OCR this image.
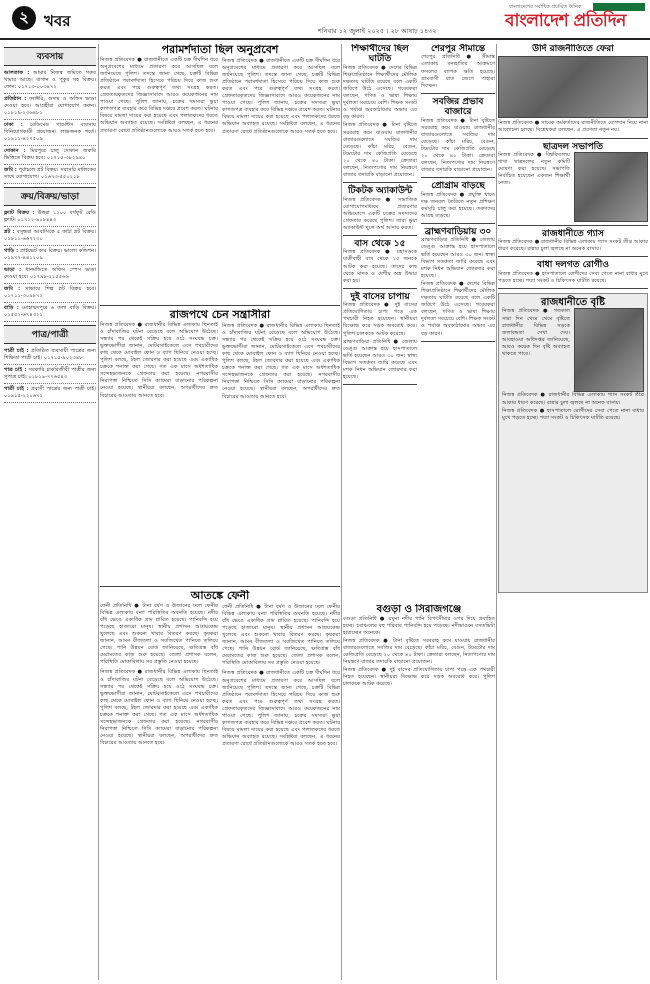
২	খবর
শনিবার ১২ জুলাই ২০২৫ । ২৮ আষাঢ় ১৪৩২
বাংলাদেশের সর্বাধিক প্রচারিত দৈনিক
বাংলাদেশ প্রতিদিন
ব্যবসায়
আলতাফ : আমার নিজস্ব জমিতে গরুর খামার আছে। বাগান ও পুকুর সহ বিক্রয়। ফোন: ০১৭১৩-০০৩৪৭২
প্রতিষ্ঠান : ফ্যাক্টরি, গুদাম ও অফিস ভাড়া দেওয়া হবে। আগ্রহীরা যোগাযোগ করুন। ০১৮১৯-২৩৬৪৮১
ঢাকা : রেডিমেড গার্মেন্টস ব্যবসায় বিনিয়োগকারী প্রয়োজন। লাভজনক শর্তে। ০১৯১১-৪২৭৫০৯
দোকান : মিরপুরে চালু দোকান জরুরি ভিত্তিতে বিক্রয় হবে। ০১৭১৫-৩৮২৯৪০
জমি : পূর্বাচলে প্লট বিক্রয়। সরাসরি মালিকের সাথে যোগাযোগ। ০১৬৭৩-৫৫০২১৮
ক্রয়/বিক্রয়/ভাড়া
ফ্ল্যাট বিক্রয় : উত্তরা ১২০০ বর্গফুট রেডি ফ্ল্যাট। ০১৭১২-৯০৮৪৪৩
প্লট : বসুন্ধরা আবাসিকে ৫ কাঠা প্লট বিক্রয়। ০১৮১১-৬৬৭২৩০
গাড়ি : প্রাইভেট কার বিক্রয়। ভালো কন্ডিশন। ০১৯৭৭-৪৪১২০৯
ভাড়া : ধানমন্ডিতে অফিস স্পেস ভাড়া দেওয়া হবে। ০১৭৯৮-২১৫৫৬৬
জমি : সাভারে শিল্প প্লট বিক্রয় হবে। ০১৭১১-৩০৯৮৭২
বাড়ি : মোহাম্মদপুরে ৬ তলা বাড়ি বিক্রয়। ০১৫৫২-৬৭৪৩২১
পাত্র/পাত্রী
পাত্রী চাই : প্রতিষ্ঠিত ব্যবসায়ী পাত্রের জন্য শিক্ষিতা পাত্রী চাই। ০১৭১৫-৯০২৩৪৮
পাত্র চাই : সরকারি চাকরিজীবী পাত্রীর জন্য সুপাত্র চাই। ০১৮১৯-৭৭৬৫৪৩
পাত্রী চাই : প্রবাসী পাত্রের জন্য পাত্রী চাই। ০১৯১৫-২২০৬৭১
পরামর্শদাতা ছিল অনুপ্রবেশ
নিজস্ব প্রতিবেদক ● রাজধানীতে একটি চক্র দীর্ঘদিন ধরে অনুপ্রবেশের মাধ্যমে প্রতারণা করে আসছিল বলে জানিয়েছে পুলিশ। তদন্তে জানা গেছে, চক্রটি বিভিন্ন প্রতিষ্ঠানে পরামর্শদাতা হিসেবে পরিচয় দিয়ে কাজ শুরু করত এবং পরে গুরুত্বপূর্ণ তথ্য সংগ্রহ করত। গ্রেফতারকৃতদের জিজ্ঞাসাবাদে আরও কয়েকজনের নাম পাওয়া গেছে। পুলিশ জানায়, চক্রের সদস্যরা ভুয়া কাগজপত্র ব্যবহার করে বিভিন্ন দপ্তরে প্রবেশ করত। ঘটনার বিষয়ে মামলা দায়ের করা হয়েছে এবং পলাতকদের ধরতে অভিযান অব্যাহত রয়েছে। সংশ্লিষ্টরা বলছেন, এ ধরনের প্রতারণা রোধে প্রতিষ্ঠানগুলোকে আরও সতর্ক হতে হবে।
নিজস্ব প্রতিবেদক ● রাজধানীতে একটি চক্র দীর্ঘদিন ধরে অনুপ্রবেশের মাধ্যমে প্রতারণা করে আসছিল বলে জানিয়েছে পুলিশ। তদন্তে জানা গেছে, চক্রটি বিভিন্ন প্রতিষ্ঠানে পরামর্শদাতা হিসেবে পরিচয় দিয়ে কাজ শুরু করত এবং পরে গুরুত্বপূর্ণ তথ্য সংগ্রহ করত। গ্রেফতারকৃতদের জিজ্ঞাসাবাদে আরও কয়েকজনের নাম পাওয়া গেছে। পুলিশ জানায়, চক্রের সদস্যরা ভুয়া কাগজপত্র ব্যবহার করে বিভিন্ন দপ্তরে প্রবেশ করত। ঘটনার বিষয়ে মামলা দায়ের করা হয়েছে এবং পলাতকদের ধরতে অভিযান অব্যাহত রয়েছে। সংশ্লিষ্টরা বলছেন, এ ধরনের প্রতারণা রোধে প্রতিষ্ঠানগুলোকে আরও সতর্ক হতে হবে।
রাজপথে চেন সন্ত্রাসীরা
নিজস্ব প্রতিবেদক ● রাজধানীর বিভিন্ন এলাকায় ছিনতাই ও চাঁদাবাজির ঘটনা বেড়েছে বলে অভিযোগ উঠেছে। সন্ধ্যার পর থেকেই সক্রিয় হয়ে ওঠে সংঘবদ্ধ চক্র। ভুক্তভোগীরা জানান, মোটরসাইকেলে এসে পথচারীদের কাছ থেকে মোবাইল ফোন ও ব্যাগ ছিনিয়ে নেওয়া হচ্ছে। পুলিশ বলছে, টহল জোরদার করা হয়েছে এবং একাধিক চক্রকে শনাক্ত করা গেছে। গত এক মাসে অর্ধশতাধিক সন্দেহভাজনকে গ্রেফতার করা হয়েছে। নগরবাসীর নিরাপত্তা নিশ্চিতে সিসি ক্যামেরা বাড়ানোর পরিকল্পনা নেওয়া হয়েছে। স্থানীয়রা বলছেন, অপরাধীদের দ্রুত বিচারের আওতায় আনতে হবে।
নিজস্ব প্রতিবেদক ● রাজধানীর বিভিন্ন এলাকায় ছিনতাই ও চাঁদাবাজির ঘটনা বেড়েছে বলে অভিযোগ উঠেছে। সন্ধ্যার পর থেকেই সক্রিয় হয়ে ওঠে সংঘবদ্ধ চক্র। ভুক্তভোগীরা জানান, মোটরসাইকেলে এসে পথচারীদের কাছ থেকে মোবাইল ফোন ও ব্যাগ ছিনিয়ে নেওয়া হচ্ছে। পুলিশ বলছে, টহল জোরদার করা হয়েছে এবং একাধিক চক্রকে শনাক্ত করা গেছে। গত এক মাসে অর্ধশতাধিক সন্দেহভাজনকে গ্রেফতার করা হয়েছে। নগরবাসীর নিরাপত্তা নিশ্চিতে সিসি ক্যামেরা বাড়ানোর পরিকল্পনা নেওয়া হয়েছে। স্থানীয়রা বলছেন, অপরাধীদের দ্রুত বিচারের আওতায় আনতে হবে।
আতঙ্কে ফেনী
ফেনী প্রতিনিধি ● টানা বর্ষণ ও উজানের ঢলে ফেনীর বিভিন্ন এলাকায় বন্যা পরিস্থিতির অবনতি হয়েছে। নদীর বাঁধ ভেঙে একাধিক গ্রাম প্লাবিত হয়েছে। পানিবন্দি হয়ে পড়েছে হাজারো মানুষ। স্থানীয় প্রশাসন আশ্রয়কেন্দ্র খুলেছে এবং শুকনো খাবার বিতরণ করছে। কৃষকরা জানান, আমন বীজতলা ও সবজিখেত পানিতে তলিয়ে গেছে। পানি উন্নয়ন বোর্ড জানিয়েছে, ক্ষতিগ্রস্ত বাঁধ মেরামতের কাজ শুরু হয়েছে। জেলা প্রশাসক বলেন, পরিস্থিতি মোকাবিলায় সব প্রস্তুতি নেওয়া হয়েছে।
ফেনী প্রতিনিধি ● টানা বর্ষণ ও উজানের ঢলে ফেনীর বিভিন্ন এলাকায় বন্যা পরিস্থিতির অবনতি হয়েছে। নদীর বাঁধ ভেঙে একাধিক গ্রাম প্লাবিত হয়েছে। পানিবন্দি হয়ে পড়েছে হাজারো মানুষ। স্থানীয় প্রশাসন আশ্রয়কেন্দ্র খুলেছে এবং শুকনো খাবার বিতরণ করছে। কৃষকরা জানান, আমন বীজতলা ও সবজিখেত পানিতে তলিয়ে গেছে। পানি উন্নয়ন বোর্ড জানিয়েছে, ক্ষতিগ্রস্ত বাঁধ মেরামতের কাজ শুরু হয়েছে। জেলা প্রশাসক বলেন, পরিস্থিতি মোকাবিলায় সব প্রস্তুতি নেওয়া হয়েছে।
নিজস্ব প্রতিবেদক ● রাজধানীর বিভিন্ন এলাকায় ছিনতাই ও চাঁদাবাজির ঘটনা বেড়েছে বলে অভিযোগ উঠেছে। সন্ধ্যার পর থেকেই সক্রিয় হয়ে ওঠে সংঘবদ্ধ চক্র। ভুক্তভোগীরা জানান, মোটরসাইকেলে এসে পথচারীদের কাছ থেকে মোবাইল ফোন ও ব্যাগ ছিনিয়ে নেওয়া হচ্ছে। পুলিশ বলছে, টহল জোরদার করা হয়েছে এবং একাধিক চক্রকে শনাক্ত করা গেছে। গত এক মাসে অর্ধশতাধিক সন্দেহভাজনকে গ্রেফতার করা হয়েছে। নগরবাসীর নিরাপত্তা নিশ্চিতে সিসি ক্যামেরা বাড়ানোর পরিকল্পনা নেওয়া হয়েছে। স্থানীয়রা বলছেন, অপরাধীদের দ্রুত বিচারের আওতায় আনতে হবে।
নিজস্ব প্রতিবেদক ● রাজধানীতে একটি চক্র দীর্ঘদিন ধরে অনুপ্রবেশের মাধ্যমে প্রতারণা করে আসছিল বলে জানিয়েছে পুলিশ। তদন্তে জানা গেছে, চক্রটি বিভিন্ন প্রতিষ্ঠানে পরামর্শদাতা হিসেবে পরিচয় দিয়ে কাজ শুরু করত এবং পরে গুরুত্বপূর্ণ তথ্য সংগ্রহ করত। গ্রেফতারকৃতদের জিজ্ঞাসাবাদে আরও কয়েকজনের নাম পাওয়া গেছে। পুলিশ জানায়, চক্রের সদস্যরা ভুয়া কাগজপত্র ব্যবহার করে বিভিন্ন দপ্তরে প্রবেশ করত। ঘটনার বিষয়ে মামলা দায়ের করা হয়েছে এবং পলাতকদের ধরতে অভিযান অব্যাহত রয়েছে। সংশ্লিষ্টরা বলছেন, এ ধরনের প্রতারণা রোধে প্রতিষ্ঠানগুলোকে আরও সতর্ক হতে হবে।
শিক্ষার্থীদের ছিল ঘাটতি
নিজস্ব প্রতিবেদক ● দেশের বিভিন্ন শিক্ষাপ্রতিষ্ঠানে শিক্ষার্থীদের মৌলিক দক্ষতায় ঘাটতি রয়েছে বলে একটি জরিপে উঠে এসেছে। গবেষকরা বলছেন, গণিত ও ভাষা শিক্ষায় দুর্বলতা সবচেয়ে বেশি। শিক্ষক সংকট ও পর্যাপ্ত অবকাঠামোর অভাব এর বড় কারণ।
নিজস্ব প্রতিবেদক ● টানা বৃষ্টিতে সরবরাহ কমে যাওয়ায় রাজধানীর বাজারগুলোতে সবজির দাম বেড়েছে। কাঁচা মরিচ, বেগুন, টমেটোর দাম কেজিপ্রতি বেড়েছে ২০ থেকে ৪০ টাকা। ক্রেতারা বলছেন, নিত্যপণ্যের দাম নিয়ন্ত্রণে বাজার তদারকি বাড়ানো প্রয়োজন।
টিকটক অ্যাকাউন্ট
নিজস্ব প্রতিবেদক ● সামাজিক যোগাযোগমাধ্যমে প্রতারণার অভিযোগে একটি চক্রের সদস্যদের গ্রেফতার করেছে পুলিশ। তারা ভুয়া অ্যাকাউন্ট খুলে অর্থ আদায় করত।
বাস থেকে ১৫
নিজস্ব প্রতিবেদক ● মহাসড়কে যাত্রীবাহী বাস থেকে ১৫ জনকে আটক করা হয়েছে। তাদের কাছ থেকে মাদক ও দেশীয় অস্ত্র উদ্ধার করা হয়।
দুই বাসের চাপায়
নিজস্ব প্রতিবেদক ● দুই বাসের প্রতিযোগিতায় চাপা পড়ে এক পথচারী নিহত হয়েছেন। স্থানীয়রা বিক্ষোভ করে সড়ক অবরোধ করে। পুলিশ চালককে আটক করেছে।
ব্রাহ্মণবাড়িয়া প্রতিনিধি ● জেলায় ডেঙ্গু আক্রান্ত হয়ে হাসপাতালে ভর্তি হয়েছেন আরও ৩০ জন। স্বাস্থ্য বিভাগ সতর্কতা জারি করেছে এবং মশক নিধন অভিযান জোরদার করা হয়েছে।
শেরপুর সীমান্তে
শেরপুর প্রতিনিধি ● সীমান্ত এলাকায় বন্যহাতির আক্রমণে ফসলের ব্যাপক ক্ষতি হয়েছে। গ্রামবাসী রাত জেগে পাহারা দিচ্ছেন।
সবজির প্রভাব বাজারে
নিজস্ব প্রতিবেদক ● টানা বৃষ্টিতে সরবরাহ কমে যাওয়ায় রাজধানীর বাজারগুলোতে সবজির দাম বেড়েছে। কাঁচা মরিচ, বেগুন, টমেটোর দাম কেজিপ্রতি বেড়েছে ২০ থেকে ৪০ টাকা। ক্রেতারা বলছেন, নিত্যপণ্যের দাম নিয়ন্ত্রণে বাজার তদারকি বাড়ানো প্রয়োজন।
প্রোগ্রাম বাড়ছে
নিজস্ব প্রতিবেদক ● প্রযুক্তি খাতে দক্ষ জনবল তৈরিতে নতুন প্রশিক্ষণ কর্মসূচি চালু করা হয়েছে। তরুণদের আগ্রহ বাড়ছে।
ব্রাহ্মণবাড়িয়ায় ৩০
ব্রাহ্মণবাড়িয়া প্রতিনিধি ● জেলায় ডেঙ্গু আক্রান্ত হয়ে হাসপাতালে ভর্তি হয়েছেন আরও ৩০ জন। স্বাস্থ্য বিভাগ সতর্কতা জারি করেছে এবং মশক নিধন অভিযান জোরদার করা হয়েছে।
নিজস্ব প্রতিবেদক ● দেশের বিভিন্ন শিক্ষাপ্রতিষ্ঠানে শিক্ষার্থীদের মৌলিক দক্ষতায় ঘাটতি রয়েছে বলে একটি জরিপে উঠে এসেছে। গবেষকরা বলছেন, গণিত ও ভাষা শিক্ষায় দুর্বলতা সবচেয়ে বেশি। শিক্ষক সংকট ও পর্যাপ্ত অবকাঠামোর অভাব এর বড় কারণ।
বগুড়া ও সিরাজগঞ্জে
বগুড়া প্রতিনিধি ● যমুনা নদীর পানি বিপৎসীমার ওপর দিয়ে প্রবাহিত হচ্ছে। চরাঞ্চলের বহু পরিবার পানিবন্দি হয়ে পড়েছে। নদীভাঙনে বসতভিটা হারাচ্ছেন অনেকে।
নিজস্ব প্রতিবেদক ● টানা বৃষ্টিতে সরবরাহ কমে যাওয়ায় রাজধানীর বাজারগুলোতে সবজির দাম বেড়েছে। কাঁচা মরিচ, বেগুন, টমেটোর দাম কেজিপ্রতি বেড়েছে ২০ থেকে ৪০ টাকা। ক্রেতারা বলছেন, নিত্যপণ্যের দাম নিয়ন্ত্রণে বাজার তদারকি বাড়ানো প্রয়োজন।
নিজস্ব প্রতিবেদক ● দুই বাসের প্রতিযোগিতায় চাপা পড়ে এক পথচারী নিহত হয়েছেন। স্থানীয়রা বিক্ষোভ করে সড়ক অবরোধ করে। পুলিশ চালককে আটক করেছে।
উর্দি রাজনীতিতে ফেরা
নিজস্ব প্রতিবেদক ● সাবেক কর্মকর্তাদের রাজনীতিতে যোগদান নিয়ে নানা আলোচনা চলছে। বিশ্লেষকরা বলছেন, এ প্রবণতা নতুন নয়।
ছাত্রদল সভাপতি
নিজস্ব প্রতিবেদক ● বিশ্ববিদ্যালয় শাখা ছাত্রদলের নতুন কমিটি ঘোষণা করা হয়েছে। সভাপতি নির্বাচিত হয়েছেন একজন শিক্ষার্থী নেতা।
রাজধানীতে গ্যাস
নিজস্ব প্রতিবেদক ● রাজধানীর বিভিন্ন এলাকায় গ্যাস সংকট তীব্র আকার ধারণ করেছে। রান্নার চুলা জ্বলছে না অনেক বাসায়।
বাধা দলগত রোগীও
নিজস্ব প্রতিবেদক ● হাসপাতালে রোগীদের সেবা পেতে নানা বাধার মুখে পড়তে হচ্ছে। শয্যা সংকট ও চিকিৎসক ঘাটতি রয়েছে।
রাজধানীতে বৃষ্টি
নিজস্ব প্রতিবেদক ● গতকাল সারা দিন থেমে থেমে বৃষ্টিতে রাজধানীর বিভিন্ন সড়কে জলাবদ্ধতা দেখা দেয়। আবহাওয়া অধিদপ্তর জানিয়েছে, আরও কয়েক দিন বৃষ্টি অব্যাহত থাকতে পারে।
নিজস্ব প্রতিবেদক ● রাজধানীর বিভিন্ন এলাকায় গ্যাস সংকট তীব্র আকার ধারণ করেছে। রান্নার চুলা জ্বলছে না অনেক বাসায়।
নিজস্ব প্রতিবেদক ● হাসপাতালে রোগীদের সেবা পেতে নানা বাধার মুখে পড়তে হচ্ছে। শয্যা সংকট ও চিকিৎসক ঘাটতি রয়েছে।
